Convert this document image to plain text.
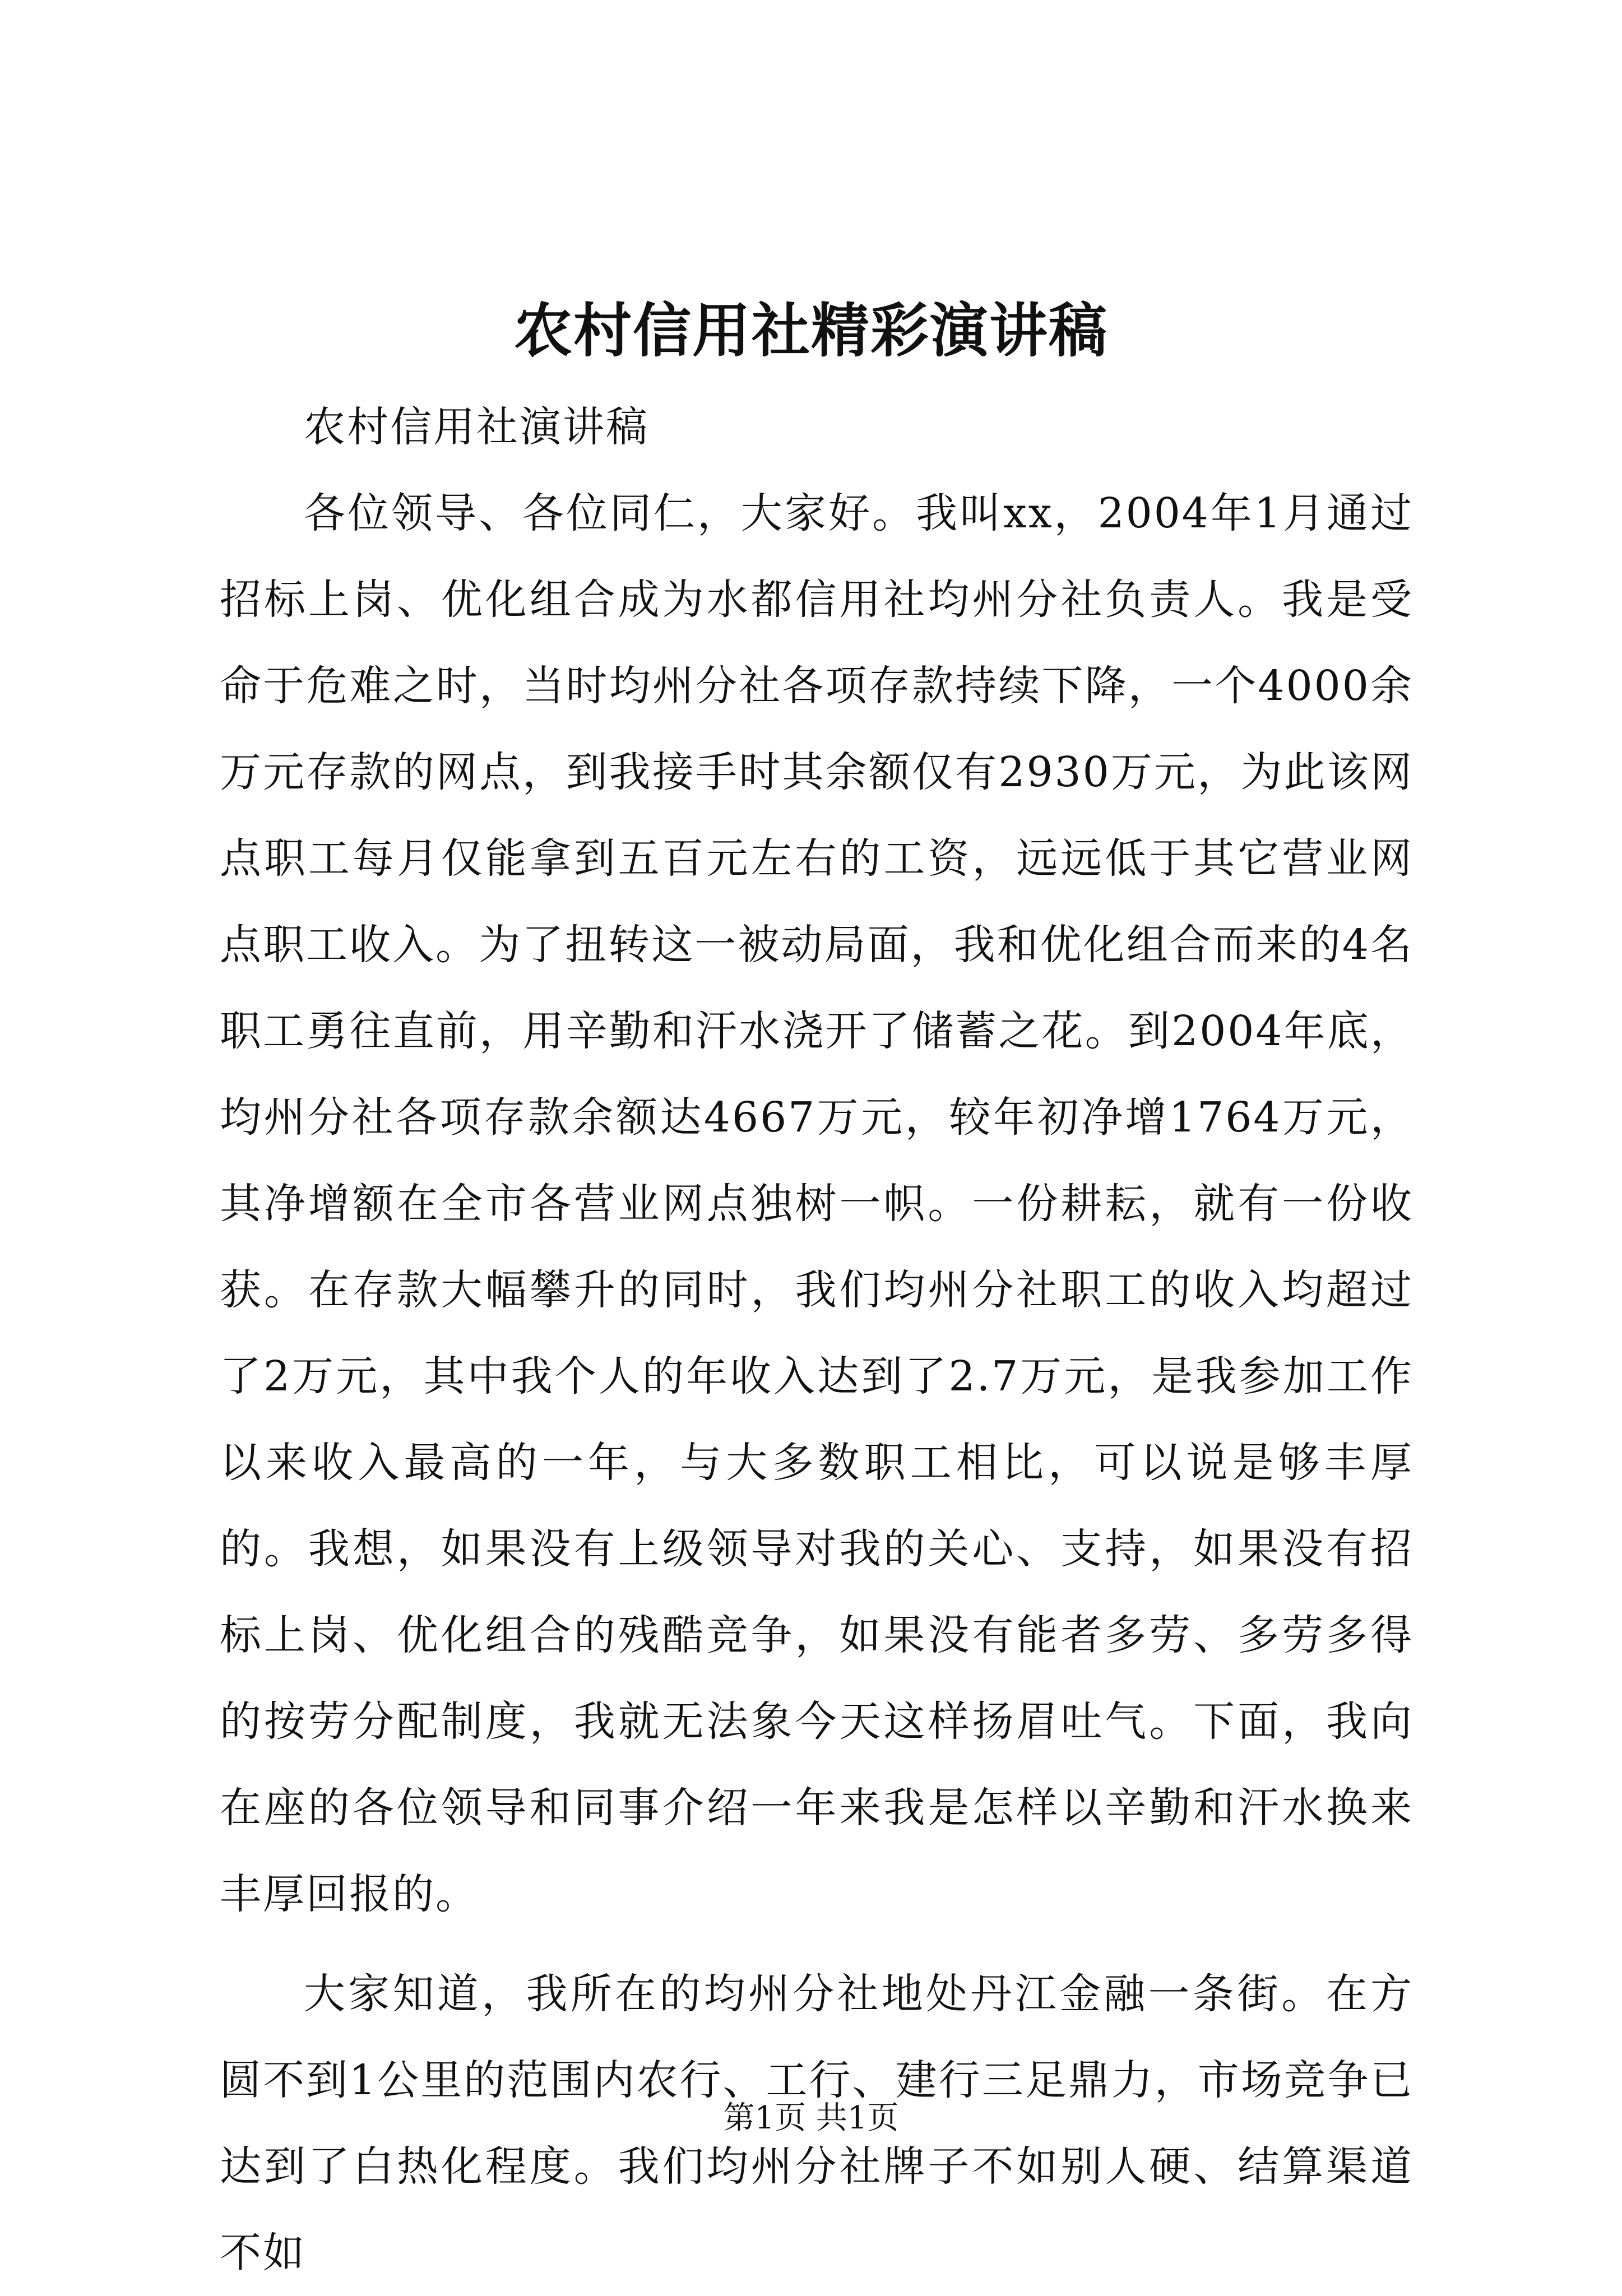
农村信用社精彩演讲稿

农村信用社演讲稿

各位领导、各位同仁，大家好。我叫xx，2004年1月通过招标上岗、优化组合成为水都信用社均州分社负责人。我是受命于危难之时，当时均州分社各项存款持续下降，一个4000余万元存款的网点，到我接手时其余额仅有2930万元，为此该网点职工每月仅能拿到五百元左右的工资，远远低于其它营业网点职工收入。为了扭转这一被动局面，我和优化组合而来的4名职工勇往直前，用辛勤和汗水浇开了储蓄之花。到2004年底，均州分社各项存款余额达4667万元，较年初净增1764万元，其净增额在全市各营业网点独树一帜。一份耕耘，就有一份收获。在存款大幅攀升的同时，我们均州分社职工的收入均超过了2万元，其中我个人的年收入达到了2.7万元，是我参加工作以来收入最高的一年，与大多数职工相比，可以说是够丰厚的。我想，如果没有上级领导对我的关心、支持，如果没有招标上岗、优化组合的残酷竞争，如果没有能者多劳、多劳多得的按劳分配制度，我就无法象今天这样扬眉吐气。下面，我向在座的各位领导和同事介绍一年来我是怎样以辛勤和汗水换来丰厚回报的。

大家知道，我所在的均州分社地处丹江金融一条街。在方圆不到1公里的范围内农行、工行、建行三足鼎力，市场竞争已达到了白热化程度。我们均州分社牌子不如别人硬、结算渠道不如

第1页 共1页
